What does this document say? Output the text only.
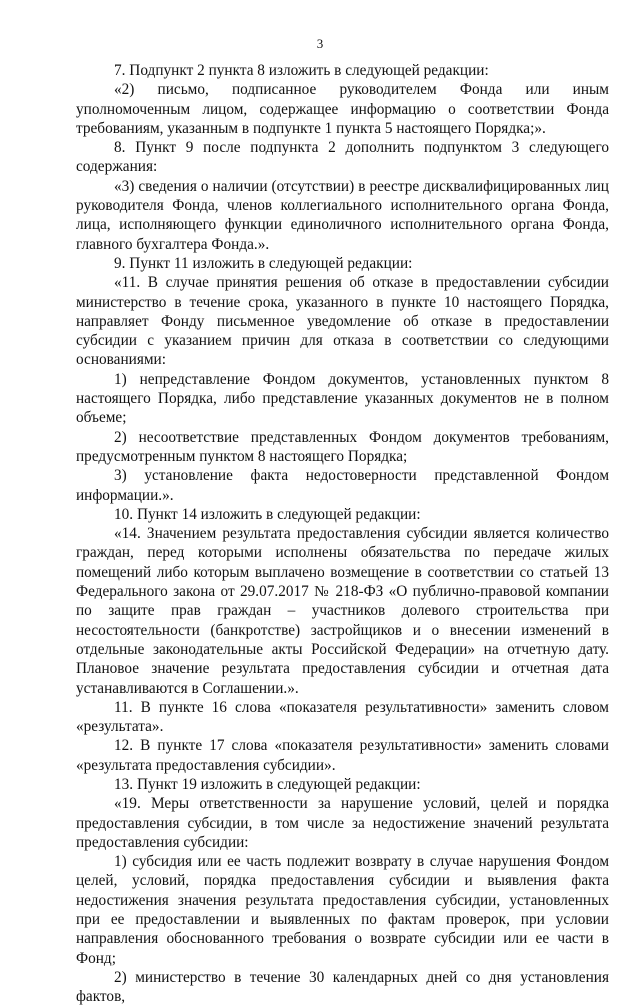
3

7. Подпункт 2 пункта 8 изложить в следующей редакции:

«2) письмо, подписанное руководителем Фонда или иным уполномоченным лицом, содержащее информацию о соответствии Фонда требованиям, указанным в подпункте 1 пункта 5 настоящего Порядка;».

8. Пункт 9 после подпункта 2 дополнить подпунктом 3 следующего содержания:

«3) сведения о наличии (отсутствии) в реестре дисквалифицированных лиц руководителя Фонда, членов коллегиального исполнительного органа Фонда, лица, исполняющего функции единоличного исполнительного органа Фонда, главного бухгалтера Фонда.».

9. Пункт 11 изложить в следующей редакции:

«11. В случае принятия решения об отказе в предоставлении субсидии министерство в течение срока, указанного в пункте 10 настоящего Порядка, направляет Фонду письменное уведомление об отказе в предоставлении субсидии с указанием причин для отказа в соответствии со следующими основаниями:

1) непредставление Фондом документов, установленных пунктом 8 настоящего Порядка, либо представление указанных документов не в полном объеме;

2) несоответствие представленных Фондом документов требованиям, предусмотренным пунктом 8 настоящего Порядка;

3) установление факта недостоверности представленной Фондом информации.».

10. Пункт 14 изложить в следующей редакции:

«14. Значением результата предоставления субсидии является количество граждан, перед которыми исполнены обязательства по передаче жилых помещений либо которым выплачено возмещение в соответствии со статьей 13 Федерального закона от 29.07.2017 № 218-ФЗ «О публично-правовой компании по защите прав граждан – участников долевого строительства при несостоятельности (банкротстве) застройщиков и о внесении изменений в отдельные законодательные акты Российской Федерации» на отчетную дату. Плановое значение результата предоставления субсидии и отчетная дата устанавливаются в Соглашении.».

11. В пункте 16 слова «показателя результативности» заменить словом «результата».

12. В пункте 17 слова «показателя результативности» заменить словами «результата предоставления субсидии».

13. Пункт 19 изложить в следующей редакции:

«19. Меры ответственности за нарушение условий, целей и порядка предоставления субсидии, в том числе за недостижение значений результата предоставления субсидии:

1) субсидия или ее часть подлежит возврату в случае нарушения Фондом целей, условий, порядка предоставления субсидии и выявления факта недостижения значения результата предоставления субсидии, установленных при ее предоставлении и выявленных по фактам проверок, при условии направления обоснованного требования о возврате субсидии или ее части в Фонд;

2) министерство в течение 30 календарных дней со дня установления фактов,
